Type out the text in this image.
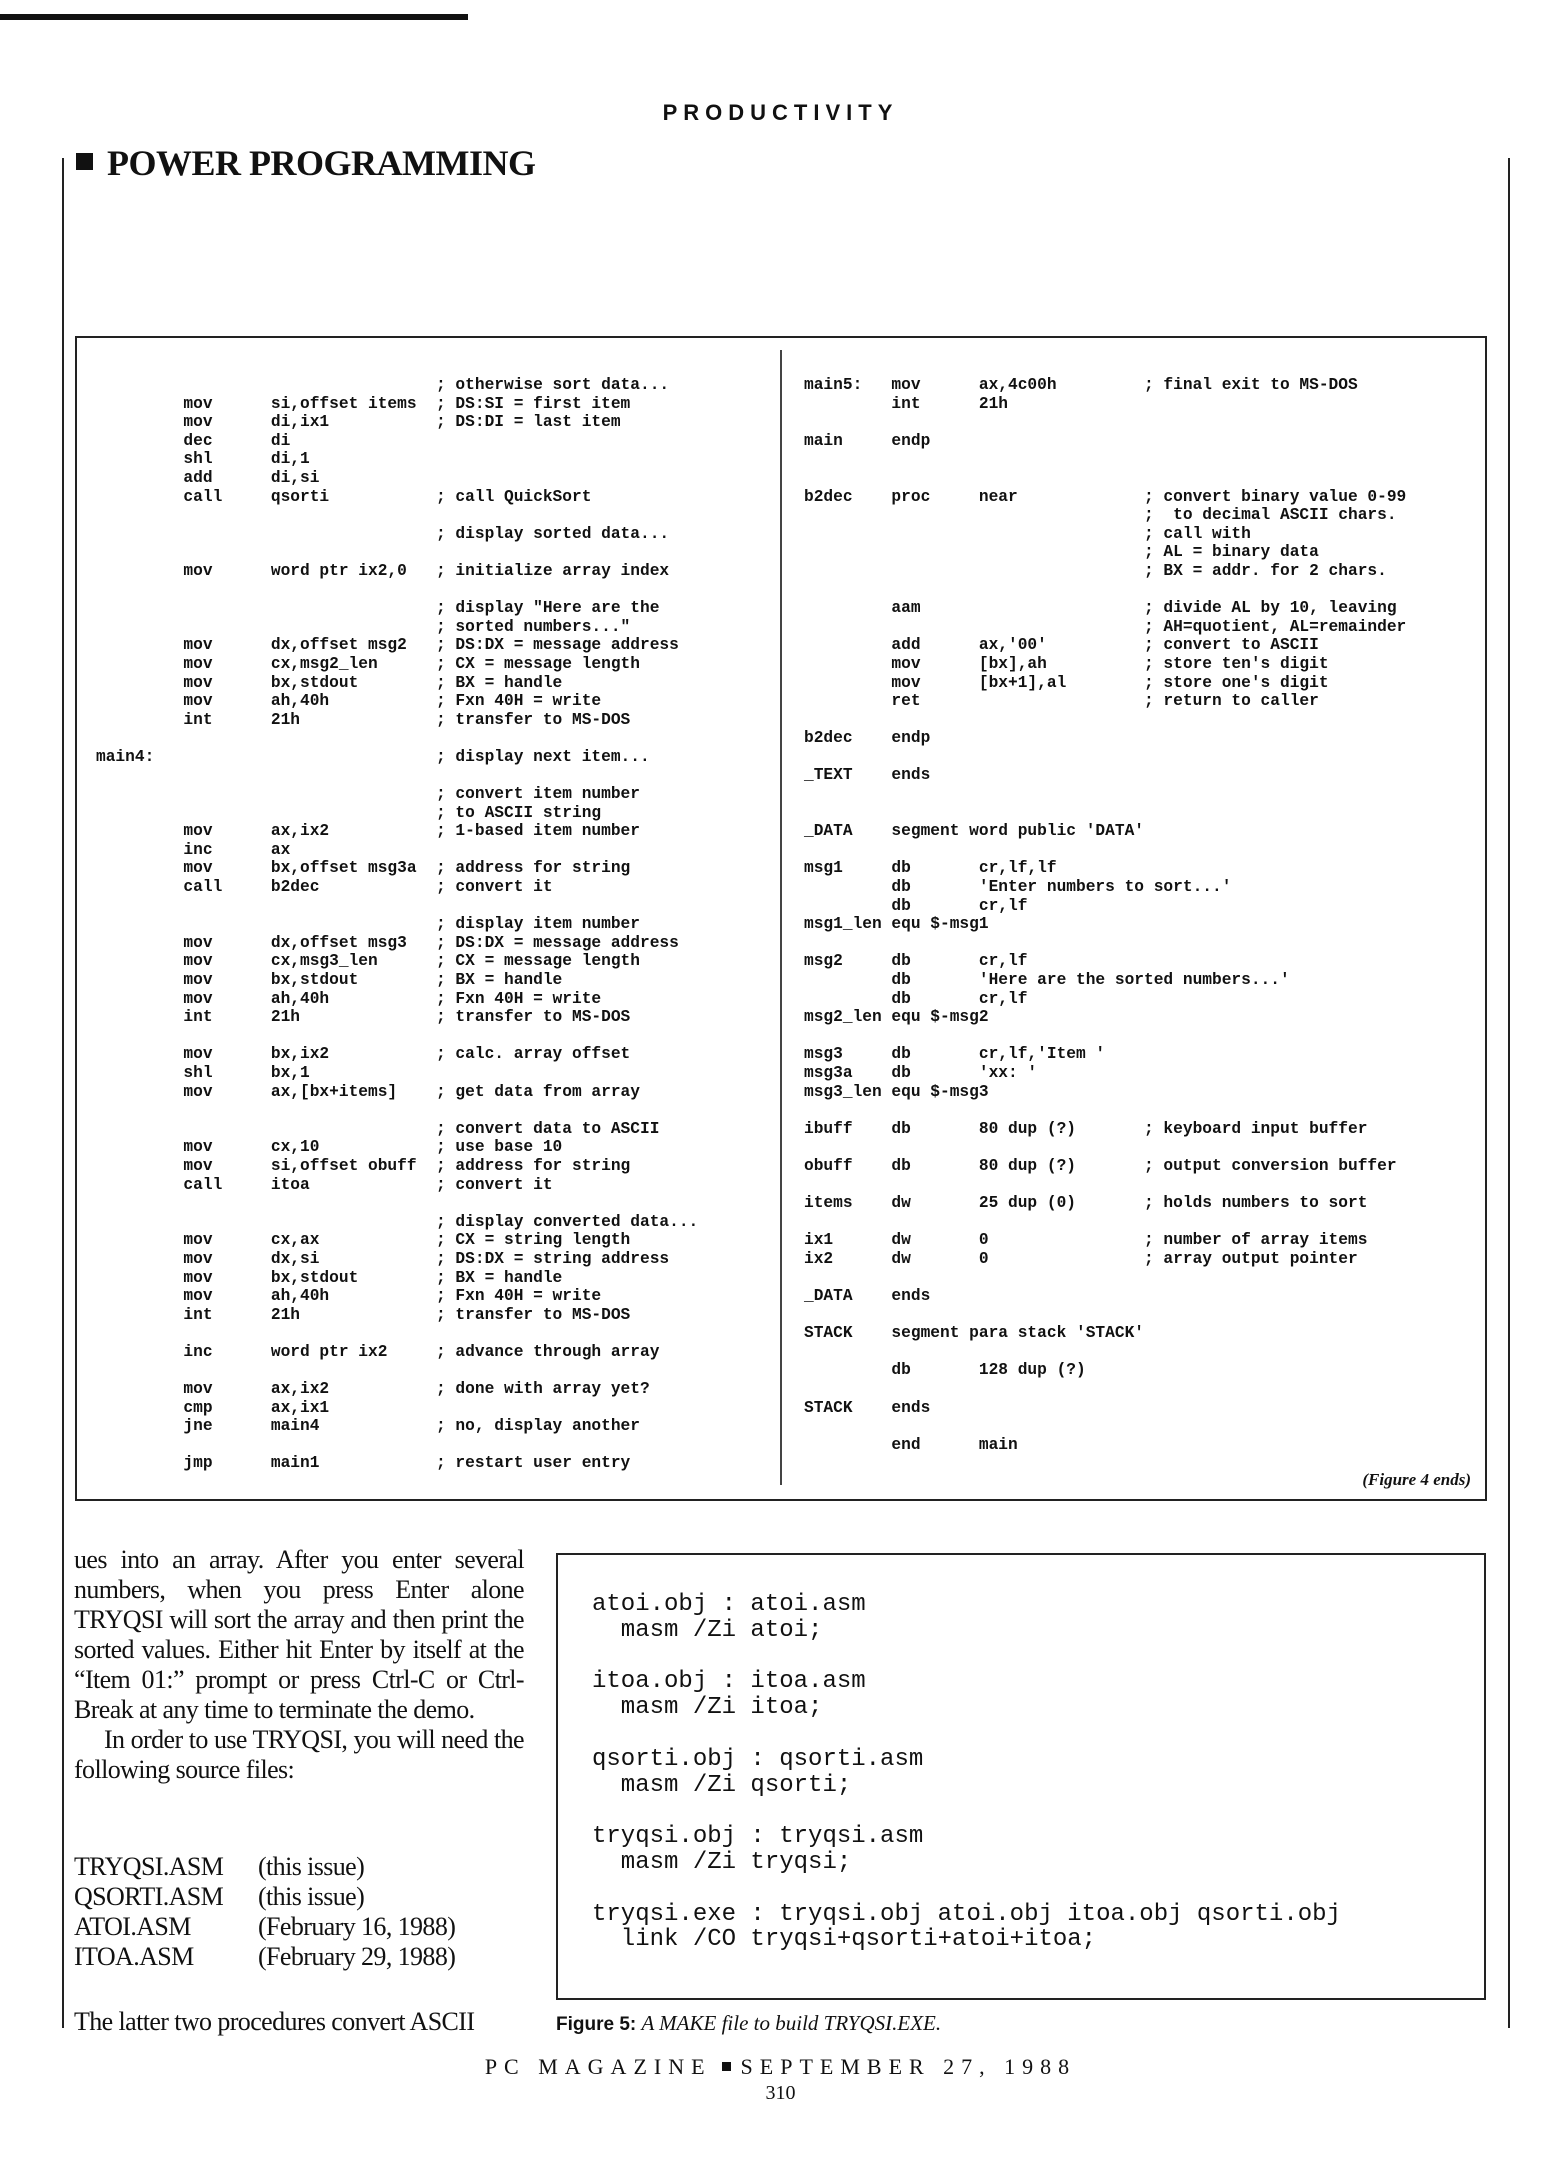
PRODUCTIVITY
POWER PROGRAMMING
; otherwise sort data...
mov      si,offset items  ; DS:SI = first item
mov      di,ix1           ; DS:DI = last item
dec      di
shl      di,1
add      di,si
call     qsorti           ; call QuickSort

; display sorted data...

mov      word ptr ix2,0   ; initialize array index

; display "Here are the
; sorted numbers..."
mov      dx,offset msg2   ; DS:DX = message address
mov      cx,msg2_len      ; CX = message length
mov      bx,stdout        ; BX = handle
mov      ah,40h           ; Fxn 40H = write
int      21h              ; transfer to MS-DOS

main4:                             ; display next item...

; convert item number
; to ASCII string
mov      ax,ix2           ; 1-based item number
inc      ax
mov      bx,offset msg3a  ; address for string
call     b2dec            ; convert it

; display item number
mov      dx,offset msg3   ; DS:DX = message address
mov      cx,msg3_len      ; CX = message length
mov      bx,stdout        ; BX = handle
mov      ah,40h           ; Fxn 40H = write
int      21h              ; transfer to MS-DOS

mov      bx,ix2           ; calc. array offset
shl      bx,1
mov      ax,[bx+items]    ; get data from array

; convert data to ASCII
mov      cx,10            ; use base 10
mov      si,offset obuff  ; address for string
call     itoa             ; convert it

; display converted data...
mov      cx,ax            ; CX = string length
mov      dx,si            ; DS:DX = string address
mov      bx,stdout        ; BX = handle
mov      ah,40h           ; Fxn 40H = write
int      21h              ; transfer to MS-DOS

inc      word ptr ix2     ; advance through array

mov      ax,ix2           ; done with array yet?
cmp      ax,ix1
jne      main4            ; no, display another

jmp      main1            ; restart user entry
main5:   mov      ax,4c00h         ; final exit to MS-DOS
int      21h

main     endp

b2dec    proc     near             ; convert binary value 0-99
;  to decimal ASCII chars.
; call with
; AL = binary data
; BX = addr. for 2 chars.

aam                       ; divide AL by 10, leaving
; AH=quotient, AL=remainder
add      ax,'00'          ; convert to ASCII
mov      [bx],ah          ; store ten's digit
mov      [bx+1],al        ; store one's digit
ret                       ; return to caller

b2dec    endp

_TEXT    ends

_DATA    segment word public 'DATA'

msg1     db       cr,lf,lf
db       'Enter numbers to sort...'
db       cr,lf
msg1_len equ $-msg1

msg2     db       cr,lf
db       'Here are the sorted numbers...'
db       cr,lf
msg2_len equ $-msg2

msg3     db       cr,lf,'Item '
msg3a    db       'xx: '
msg3_len equ $-msg3

ibuff    db       80 dup (?)       ; keyboard input buffer

obuff    db       80 dup (?)       ; output conversion buffer

items    dw       25 dup (0)       ; holds numbers to sort

ix1      dw       0                ; number of array items
ix2      dw       0                ; array output pointer

_DATA    ends

STACK    segment para stack 'STACK'

db       128 dup (?)

STACK    ends

end      main
(Figure 4 ends)

ues into an array. After you enter several numbers, when you press Enter alone TRYQSI will sort the array and then print the sorted values. Either hit Enter by itself at the “Item 01:” prompt or press Ctrl-C or Ctrl-Break at any time to terminate the demo.

In order to use TRYQSI, you will need the following source files:

TRYQSI.ASM	(this issue)
QSORTI.ASM	(this issue)
ATOI.ASM	(February 16, 1988)
ITOA.ASM	(February 29, 1988)
The latter two procedures convert ASCII
atoi.obj : atoi.asm
masm /Zi atoi;

itoa.obj : itoa.asm
masm /Zi itoa;

qsorti.obj : qsorti.asm
masm /Zi qsorti;

tryqsi.obj : tryqsi.asm
masm /Zi tryqsi;

tryqsi.exe : tryqsi.obj atoi.obj itoa.obj qsorti.obj
link /CO tryqsi+qsorti+atoi+itoa;
Figure 5: A MAKE file to build TRYQSI.EXE.
PC MAGAZINE SEPTEMBER 27, 1988
310
